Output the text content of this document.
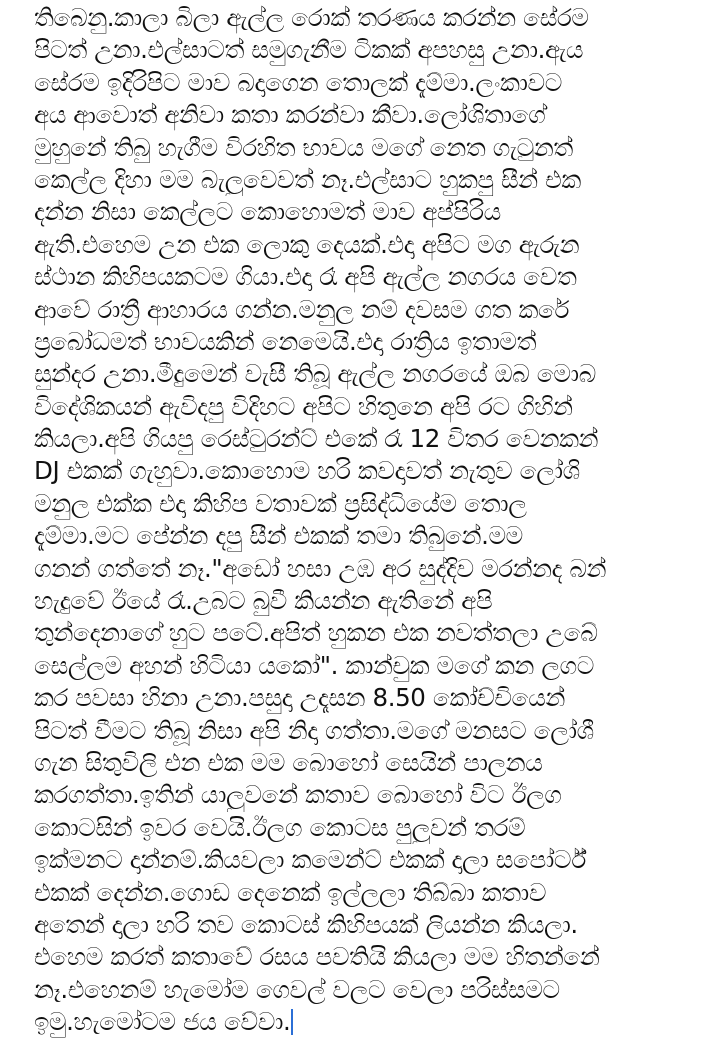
තිබෙනු.කාලා බිලා ඇල්ල රොක් තරණය කරන්න සේරම
පිටත් උනා.එල්සාටත් සමුගැනීම ටිකක් අපහසු උනා.ඇය
සේරම ඉදිරිපිට මාව බදාගෙන තොලක් දැම්මා.ලංකාවට
අය ආවොත් අනිවා කතා කරන්වා කීවා.ලෝශිතාගේ
මුහුනේ තිබු හැගීම විරහිත භාවය මගේ නෙත ගැටුනත්
කෙල්ල දිහා මම බැලුවෙවත් නෑ.එල්සාට හුකපු සීන් එක
දන්න නිසා කෙල්ලට කොහොමත් මාව අප්පිරිය
ඇති.එහෙම උන එක ලොකු දෙයක්.එදා අපිට මග ඇරුන
ස්ථාන කිහිපයකටම ගියා.එදා රෑ අපි ඇල්ල නගරය වෙත
ආවේ රාත්‍රී ආහාරය ගන්න.මනුල නම් දවසම ගත කරේ
ප්‍රබෝධමත් භාවයකින් නෙමෙයි.එදා රාත්‍රිය ඉතාමත්
සුන්දර උනා.මීදුමෙන් වැසී තිබූ ඇල්ල නගරයේ ඔබ මොබ
විදේශිකයන් ඇවිදපු විදිහට අපිට හිතුනෙ අපි රට ගිහින්
කියලා.අපි ගියපු රෙස්ටුරන්ට් එකේ රෑ 12 විතර වෙනකන්
DJ එකක් ගැහුවා.කොහොම හරි කවදාවත් නැතුව ලෝශි
මනුල එක්ක එදා කිහිප වතාවක් ප්‍රසිද්ධියේම තොල
දැම්මා.මට පේන්න දපු සීන් එකක් තමා තිබුනේ.මම
ගනන් ගත්තේ නෑ."අඩෝ හසා උඹ අර සුද්දිව මරන්නද බන්
හැදුවේ ඊයේ රෑ.උබට බුවී කියන්න ඇතිනේ අපි
තුන්දෙනාගේ හුට පටේ.අපිත් හුකන එක නවත්තලා උබේ
සෙල්ලම අහන් හිටියා යකෝ". කාන්චුක මගේ කන ලගට
කර පවසා හිනා උනා.පසුදා උදෑසන 8.50 කෝච්චියෙන්
පිටත් වීමට තිබූ නිසා අපි නිදා ගත්තා.මගේ මනසට ලෝශී
ගැන සිතුවිලි එන එක මම බොහෝ සෙයින් පාලනය
කරගත්තා.ඉතින් යාලුවනේ කතාව බොහෝ විට ඊලග
කොටසින් ඉවර වෙයි.ඊලග කොටස පුලුවන් තරම්
ඉක්මනට දාන්නම්.කියවලා කමෙන්ට් එකක් දාලා සපෝර්ට්
එකක් දෙන්න.ගොඩ දෙනෙක් ඉල්ලලා තිබ්බා කතාව
අතෙන් දාලා හරි තව කොටස් කිහිපයක් ලියන්න කියලා.
එහෙම කරත් කතාවේ රසය පවතියි කියලා මම හිතන්නේ
නෑ.එහෙනම් හැමෝම ගෙවල් වලට වෙලා පරිස්සමට
ඉමු.හැමෝටම ජය වේවා.
